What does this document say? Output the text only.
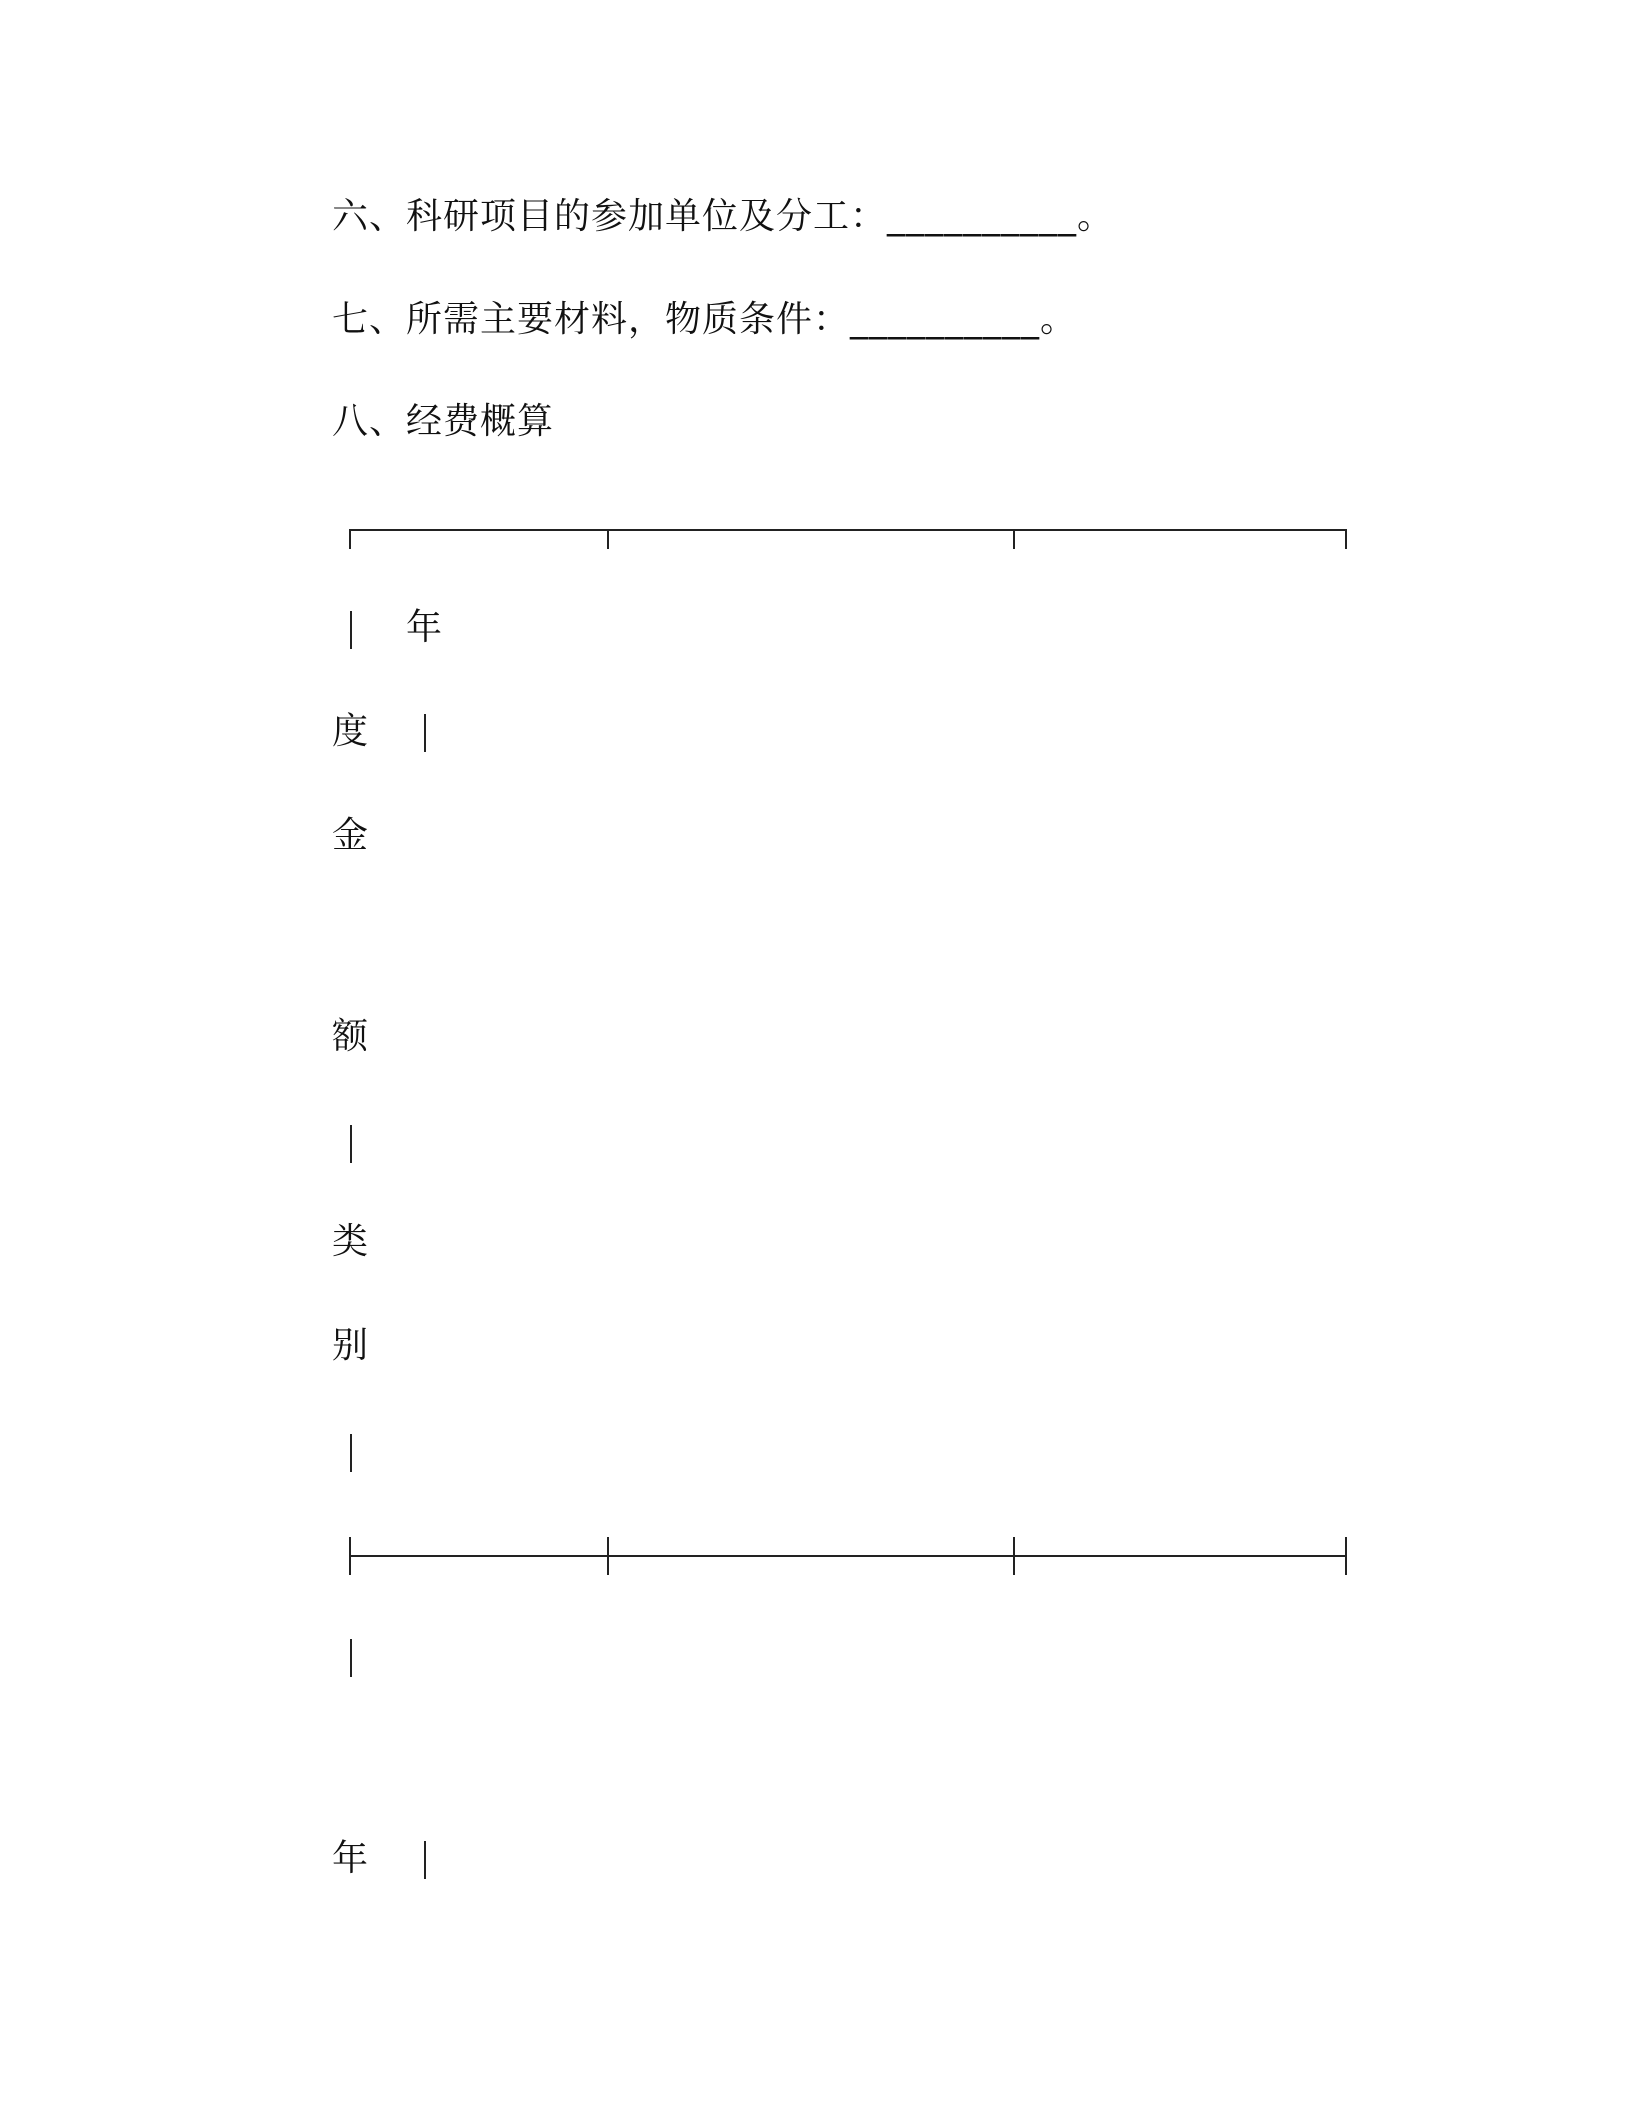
六、科研项目的参加单位及分工：__________。
七、所需主要材料，物质条件：__________。
八、经费概算
年
度
金
额
类
别
年
